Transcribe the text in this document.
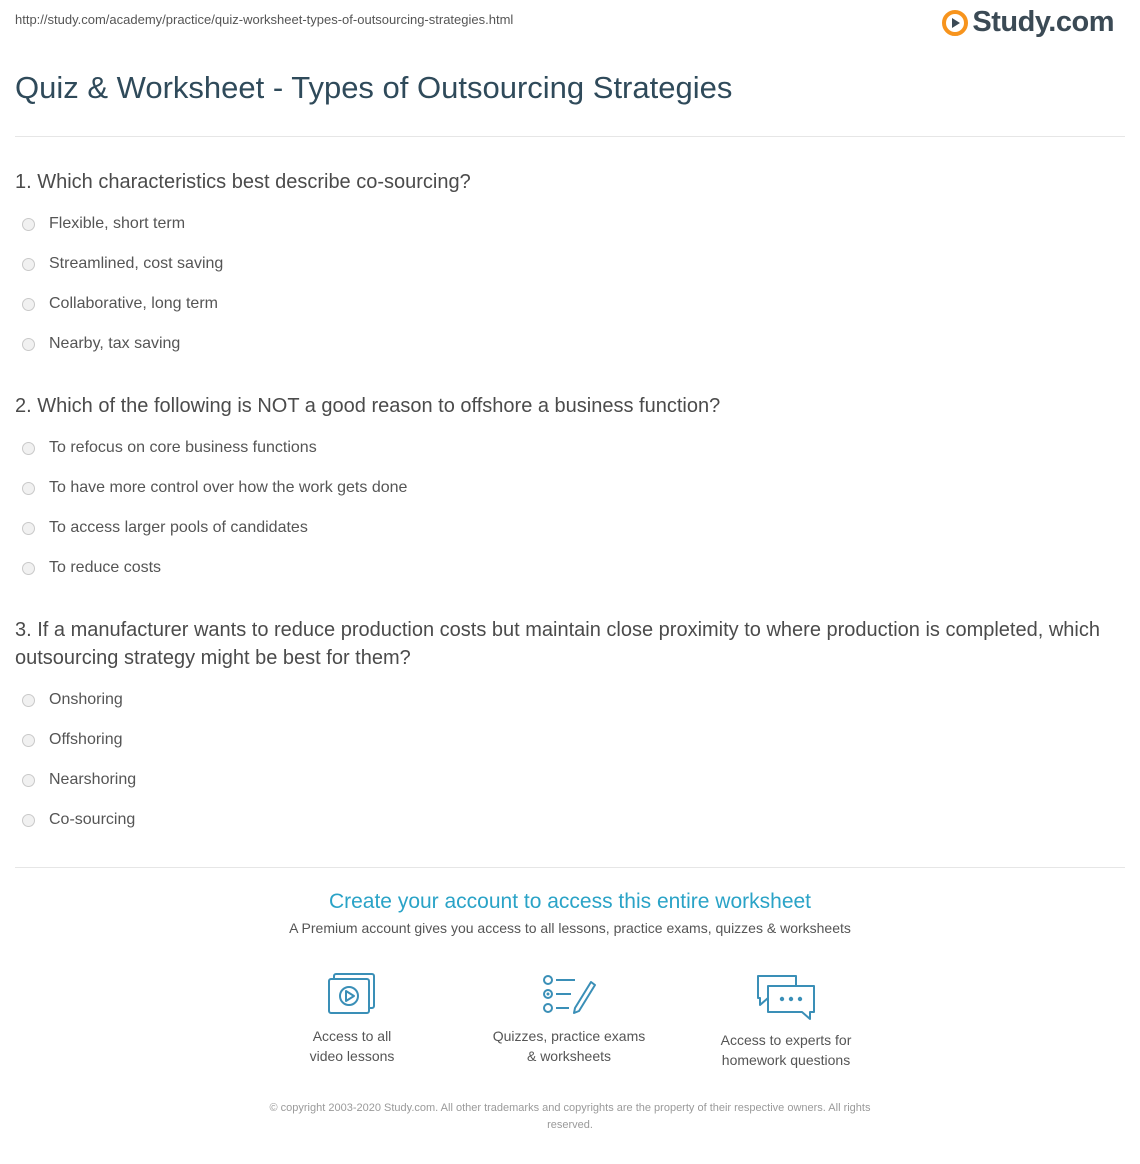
http://study.com/academy/practice/quiz-worksheet-types-of-outsourcing-strategies.html	Study.com
Quiz & Worksheet - Types of Outsourcing Strategies

1. Which characteristics best describe co-sourcing?

Flexible, short term
Streamlined, cost saving
Collaborative, long term
Nearby, tax saving

2. Which of the following is NOT a good reason to offshore a business function?

To refocus on core business functions
To have more control over how the work gets done
To access larger pools of candidates
To reduce costs

3. If a manufacturer wants to reduce production costs but maintain close proximity to where production is completed, which outsourcing strategy might be best for them?

Onshoring
Offshoring
Nearshoring
Co-sourcing
Create your account to access this entire worksheet
A Premium account gives you access to all lessons, practice exams, quizzes & worksheets
Access to all
video lessons
Quizzes, practice exams
& worksheets
Access to experts for
homework questions
© copyright 2003-2020 Study.com. All other trademarks and copyrights are the property of their respective owners. All rights
reserved.
